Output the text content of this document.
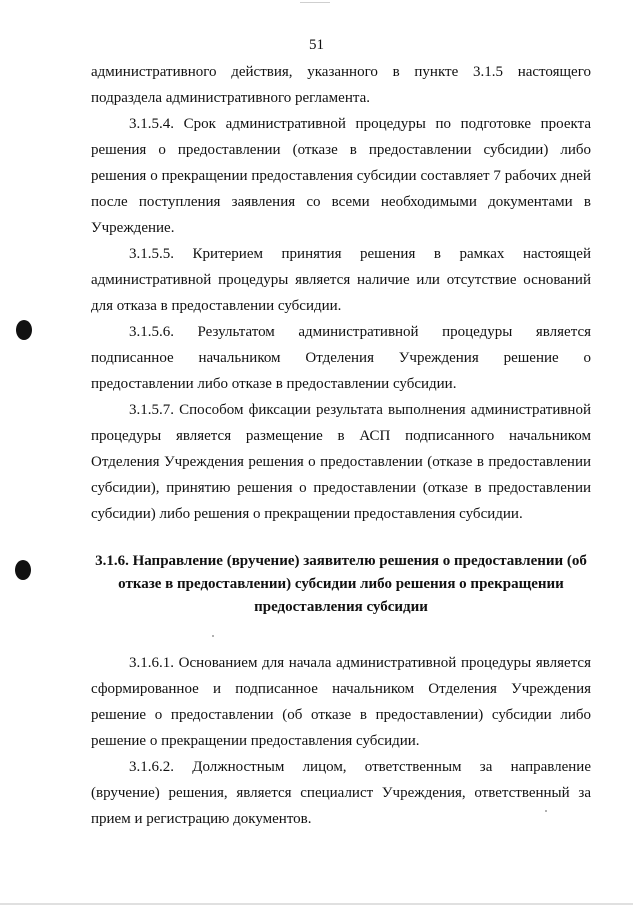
51

административного действия, указанного в пункте 3.1.5 настоящего подраздела административного регламента.

3.1.5.4. Срок административной процедуры по подготовке проекта решения о предоставлении (отказе в предоставлении субсидии) либо решения о прекращении предоставления субсидии составляет 7 рабочих дней после поступления заявления со всеми необходимыми документами в Учреждение.

3.1.5.5. Критерием принятия решения в рамках настоящей административной процедуры является наличие или отсутствие оснований для отказа в предоставлении субсидии.

3.1.5.6. Результатом административной процедуры является подписанное начальником Отделения Учреждения решение о предоставлении либо отказе в предоставлении субсидии.

3.1.5.7. Способом фиксации результата выполнения административной процедуры является размещение в АСП подписанного начальником Отделения Учреждения решения о предоставлении (отказе в предоставлении субсидии), принятию решения о предоставлении (отказе в предоставлении субсидии) либо решения о прекращении предоставления субсидии.

3.1.6. Направление (вручение) заявителю решения о предоставлении (об отказе в предоставлении) субсидии либо решения о прекращении предоставления субсидии

3.1.6.1. Основанием для начала административной процедуры является сформированное и подписанное начальником Отделения Учреждения решение о предоставлении (об отказе в предоставлении) субсидии либо решение о прекращении предоставления субсидии.

3.1.6.2. Должностным лицом, ответственным за направление (вручение) решения, является специалист Учреждения, ответственный за прием и регистрацию документов.
